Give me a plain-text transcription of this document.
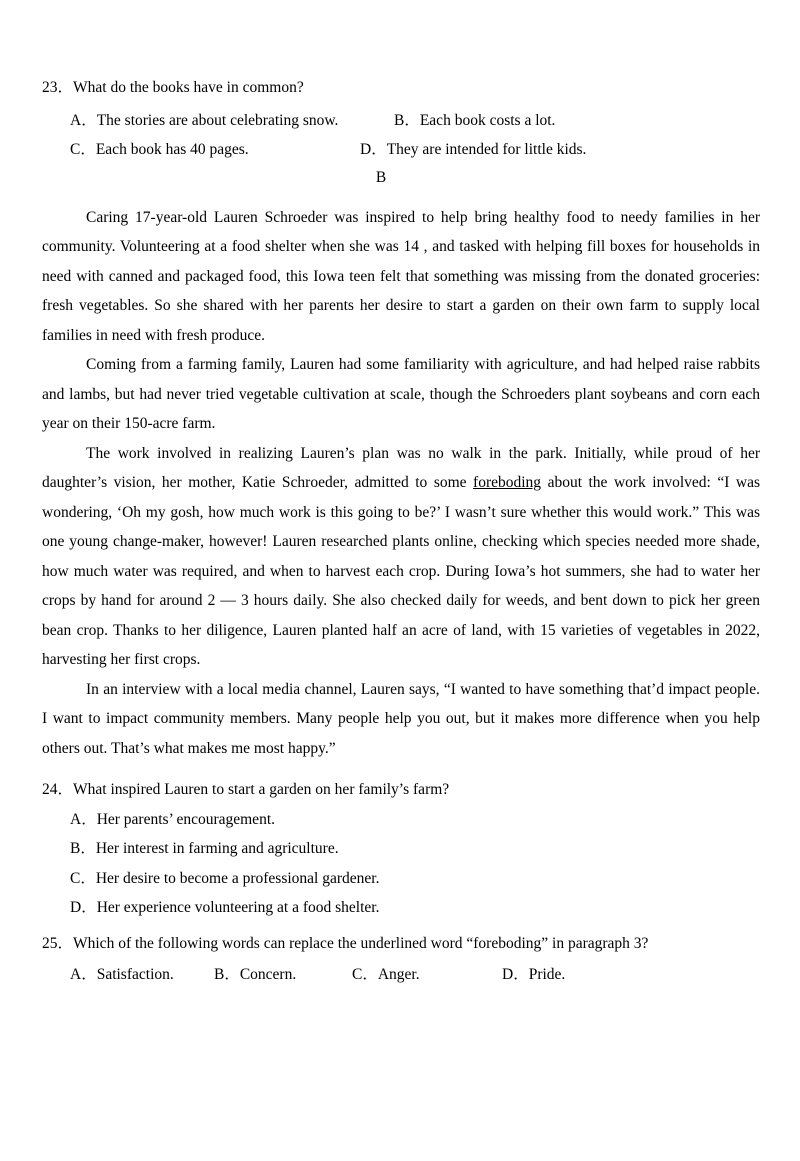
23．What do the books have in common?
A．The stories are about celebrating snow.	B．Each book costs a lot.
C．Each book has 40 pages.	D．They are intended for little kids.
B

Caring 17-year-old Lauren Schroeder was inspired to help bring healthy food to needy families in her community. Volunteering at a food shelter when she was 14 , and tasked with helping fill boxes for households in need with canned and packaged food, this Iowa teen felt that something was missing from the donated groceries: fresh vegetables. So she shared with her parents her desire to start a garden on their own farm to supply local families in need with fresh produce.

Coming from a farming family, Lauren had some familiarity with agriculture, and had helped raise rabbits and lambs, but had never tried vegetable cultivation at scale, though the Schroeders plant soybeans and corn each year on their 150-acre farm.

The work involved in realizing Lauren’s plan was no walk in the park. Initially, while proud of her daughter’s vision, her mother, Katie Schroeder, admitted to some foreboding about the work involved: “I was wondering, ‘Oh my gosh, how much work is this going to be?’ I wasn’t sure whether this would work.” This was one young change-maker, however! Lauren researched plants online, checking which species needed more shade, how much water was required, and when to harvest each crop. During Iowa’s hot summers, she had to water her crops by hand for around 2 — 3 hours daily. She also checked daily for weeds, and bent down to pick her green bean crop. Thanks to her diligence, Lauren planted half an acre of land, with 15 varieties of vegetables in 2022, harvesting her first crops.

In an interview with a local media channel, Lauren says, “I wanted to have something that’d impact people. I want to impact community members. Many people help you out, but it makes more difference when you help others out. That’s what makes me most happy.”

24．What inspired Lauren to start a garden on her family’s farm?
A．Her parents’ encouragement.
B．Her interest in farming and agriculture.
C．Her desire to become a professional gardener.
D．Her experience volunteering at a food shelter.
25．Which of the following words can replace the underlined word “foreboding” in paragraph 3?
A．Satisfaction.	B．Concern.	C．Anger.	D．Pride.
